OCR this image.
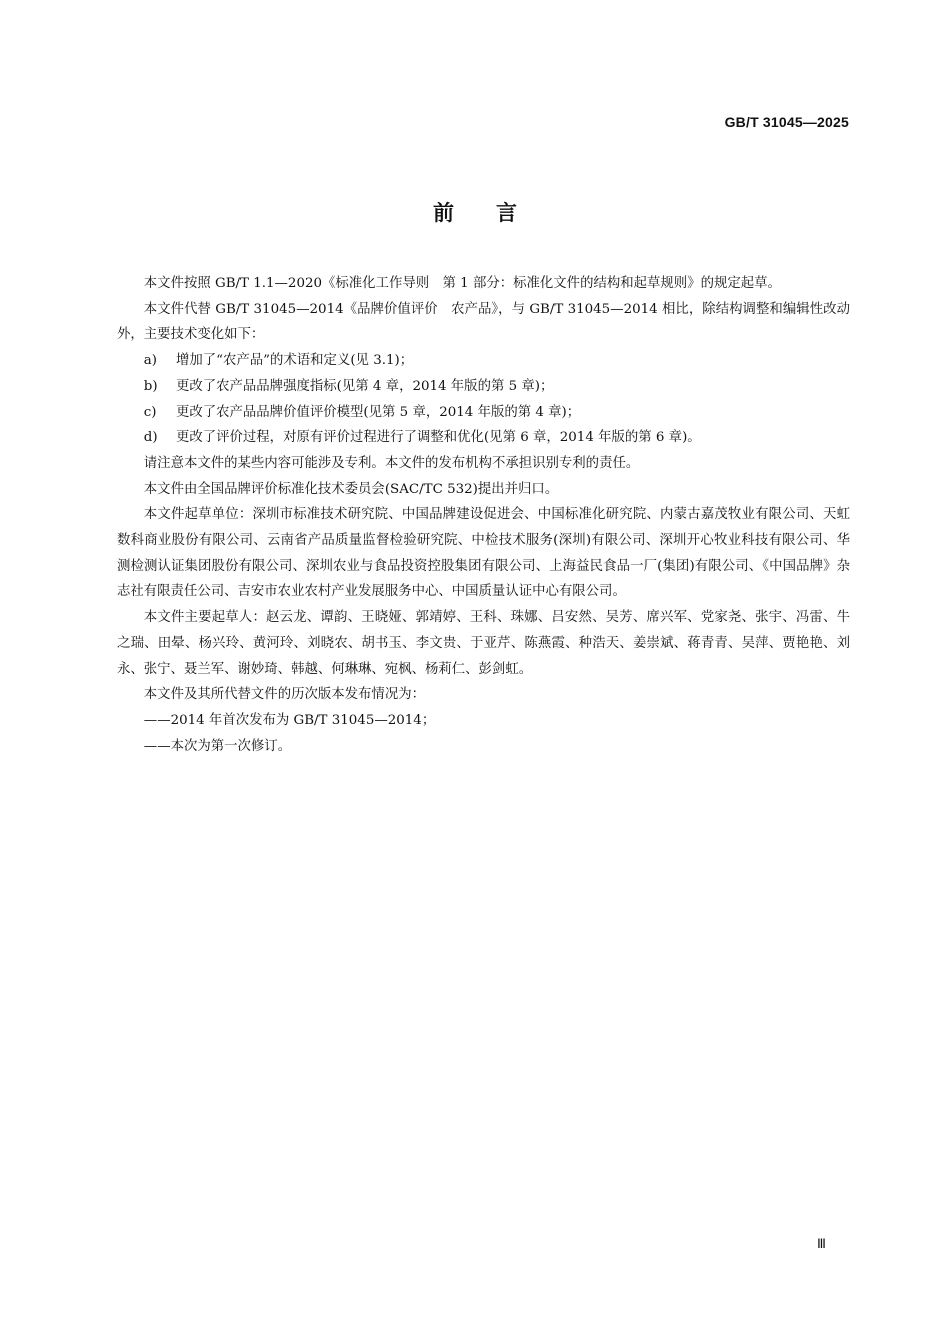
GB/T 31045—2025
前言

本文件按照 GB/T 1.1—2020《标准化工作导则　第 1 部分：标准化文件的结构和起草规则》的规定起草。

本文件代替 GB/T 31045—2014《品牌价值评价　农产品》，与 GB/T 31045—2014 相比，除结构调整和编辑性改动外，主要技术变化如下：

a) 增加了“农产品”的术语和定义(见 3.1)；

b) 更改了农产品品牌强度指标(见第 4 章，2014 年版的第 5 章)；

c) 更改了农产品品牌价值评价模型(见第 5 章，2014 年版的第 4 章)；

d) 更改了评价过程，对原有评价过程进行了调整和优化(见第 6 章，2014 年版的第 6 章)。

请注意本文件的某些内容可能涉及专利。本文件的发布机构不承担识别专利的责任。

本文件由全国品牌评价标准化技术委员会(SAC/TC 532)提出并归口。

本文件起草单位：深圳市标准技术研究院、中国品牌建设促进会、中国标准化研究院、内蒙古嘉茂牧业有限公司、天虹数科商业股份有限公司、云南省产品质量监督检验研究院、中检技术服务(深圳)有限公司、深圳开心牧业科技有限公司、华测检测认证集团股份有限公司、深圳农业与食品投资控股集团有限公司、上海益民食品一厂(集团)有限公司、《中国品牌》杂志社有限责任公司、吉安市农业农村产业发展服务中心、中国质量认证中心有限公司。

本文件主要起草人：赵云龙、谭韵、王晓娅、郭靖婷、王科、珠娜、吕安然、吴芳、席兴军、党家尧、张宇、冯雷、牛之瑞、田晕、杨兴玲、黄河玲、刘晓农、胡书玉、李文贵、于亚芹、陈燕霞、种浩天、姜崇斌、蒋青青、吴萍、贾艳艳、刘永、张宁、聂兰军、谢妙琦、韩越、何琳琳、宛枫、杨莉仁、彭剑虹。

本文件及其所代替文件的历次版本发布情况为：

——2014 年首次发布为 GB/T 31045—2014；

——本次为第一次修订。

Ⅲ
